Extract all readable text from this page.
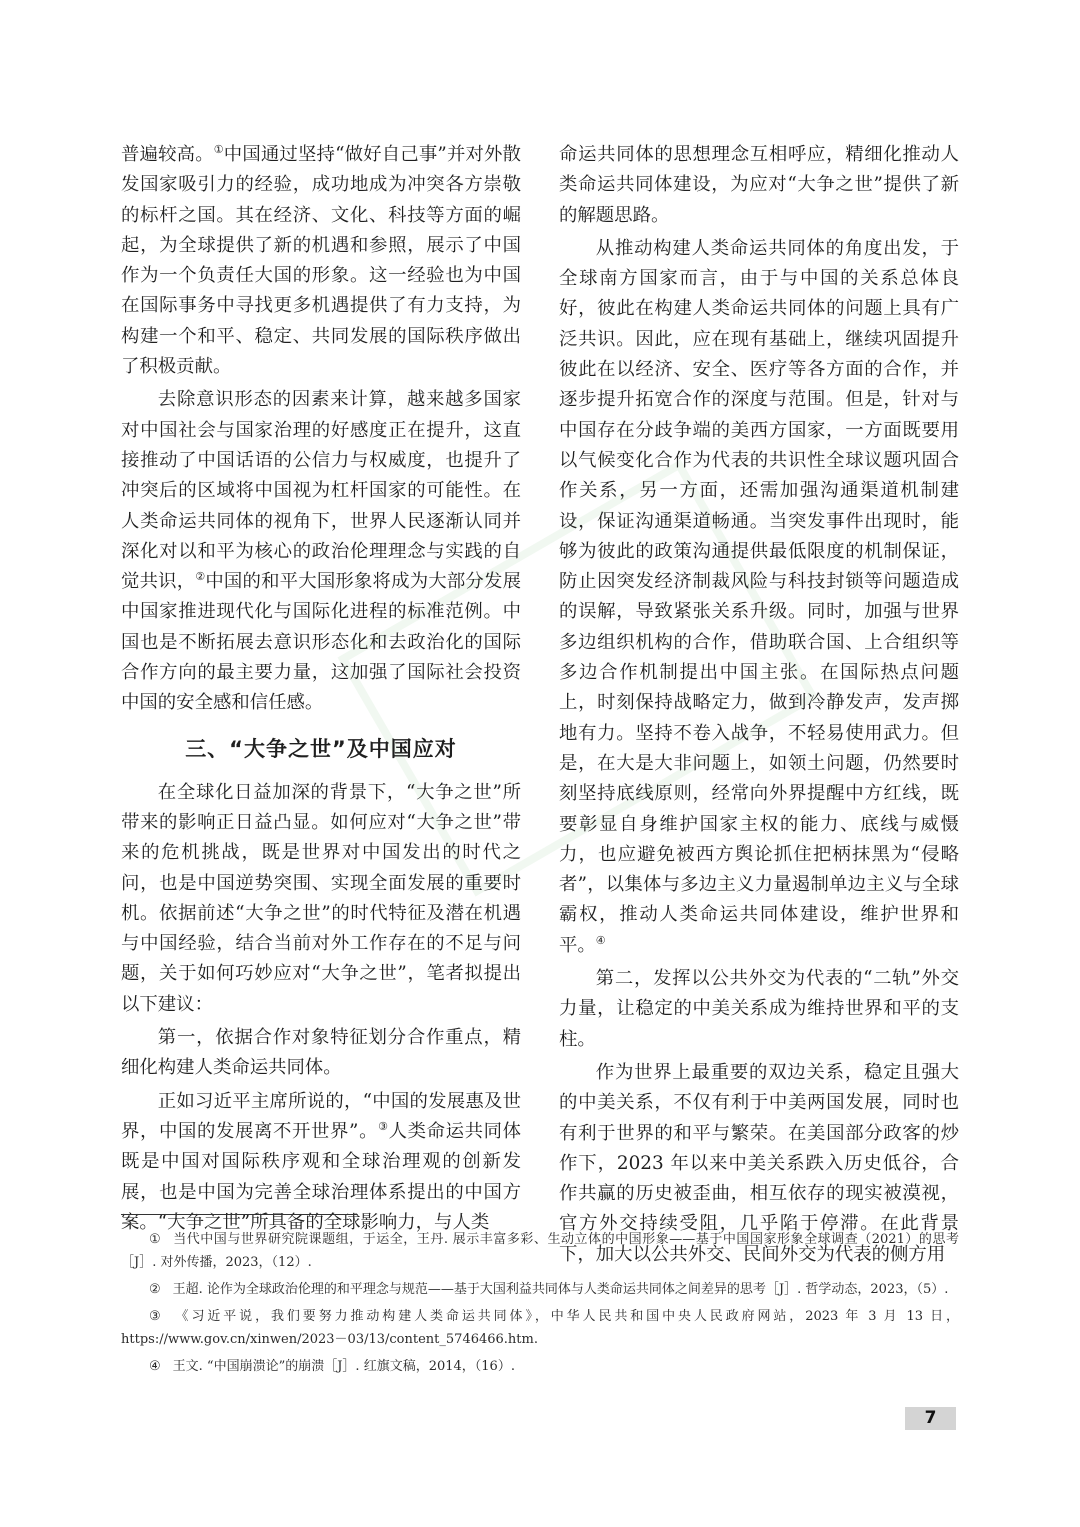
普遍较高。①中国通过坚持“做好自己事”并对外散发国家吸引力的经验，成功地成为冲突各方崇敬的标杆之国。其在经济、文化、科技等方面的崛起，为全球提供了新的机遇和参照，展示了中国作为一个负责任大国的形象。这一经验也为中国在国际事务中寻找更多机遇提供了有力支持，为构建一个和平、稳定、共同发展的国际秩序做出了积极贡献。

去除意识形态的因素来计算，越来越多国家对中国社会与国家治理的好感度正在提升，这直接推动了中国话语的公信力与权威度，也提升了冲突后的区域将中国视为杠杆国家的可能性。在人类命运共同体的视角下，世界人民逐渐认同并深化对以和平为核心的政治伦理理念与实践的自觉共识，②中国的和平大国形象将成为大部分发展中国家推进现代化与国际化进程的标准范例。中国也是不断拓展去意识形态化和去政治化的国际合作方向的最主要力量，这加强了国际社会投资中国的安全感和信任感。

三、“大争之世”及中国应对

在全球化日益加深的背景下，“大争之世”所带来的影响正日益凸显。如何应对“大争之世”带来的危机挑战，既是世界对中国发出的时代之问，也是中国逆势突围、实现全面发展的重要时机。依据前述“大争之世”的时代特征及潜在机遇与中国经验，结合当前对外工作存在的不足与问题，关于如何巧妙应对“大争之世”，笔者拟提出以下建议：

第一，依据合作对象特征划分合作重点，精细化构建人类命运共同体。

正如习近平主席所说的，“中国的发展惠及世界，中国的发展离不开世界”。③人类命运共同体既是中国对国际秩序观和全球治理观的创新发展，也是中国为完善全球治理体系提出的中国方案。“大争之世”所具备的全球影响力，与人类

命运共同体的思想理念互相呼应，精细化推动人类命运共同体建设，为应对“大争之世”提供了新的解题思路。

从推动构建人类命运共同体的角度出发，于全球南方国家而言，由于与中国的关系总体良好，彼此在构建人类命运共同体的问题上具有广泛共识。因此，应在现有基础上，继续巩固提升彼此在以经济、安全、医疗等各方面的合作，并逐步提升拓宽合作的深度与范围。但是，针对与中国存在分歧争端的美西方国家，一方面既要用以气候变化合作为代表的共识性全球议题巩固合作关系，另一方面，还需加强沟通渠道机制建设，保证沟通渠道畅通。当突发事件出现时，能够为彼此的政策沟通提供最低限度的机制保证，防止因突发经济制裁风险与科技封锁等问题造成的误解，导致紧张关系升级。同时，加强与世界多边组织机构的合作，借助联合国、上合组织等多边合作机制提出中国主张。在国际热点问题上，时刻保持战略定力，做到冷静发声，发声掷地有力。坚持不卷入战争，不轻易使用武力。但是，在大是大非问题上，如领土问题，仍然要时刻坚持底线原则，经常向外界提醒中方红线，既要彰显自身维护国家主权的能力、底线与威慑力，也应避免被西方舆论抓住把柄抹黑为“侵略者”，以集体与多边主义力量遏制单边主义与全球霸权，推动人类命运共同体建设，维护世界和平。④

第二，发挥以公共外交为代表的“二轨”外交力量，让稳定的中美关系成为维持世界和平的支柱。

作为世界上最重要的双边关系，稳定且强大的中美关系，不仅有利于中美两国发展，同时也有利于世界的和平与繁荣。在美国部分政客的炒作下，2023 年以来中美关系跌入历史低谷，合作共赢的历史被歪曲，相互依存的现实被漠视，官方外交持续受阻，几乎陷于停滞。在此背景下，加大以公共外交、民间外交为代表的侧方用

① 当代中国与世界研究院课题组，于运全，王丹. 展示丰富多彩、生动立体的中国形象——基于中国国家形象全球调查（2021）的思考［J］. 对外传播，2023，（12）.

② 王超. 论作为全球政治伦理的和平理念与规范——基于大国利益共同体与人类命运共同体之间差异的思考［J］. 哲学动态，2023，（5）.

③ 《习近平说，我们要努力推动构建人类命运共同体》，中华人民共和国中央人民政府网站，2023 年 3 月 13 日，https://www.gov.cn/xinwen/2023－03/13/content_5746466.htm.

④ 王文. “中国崩溃论”的崩溃［J］. 红旗文稿，2014，（16）.

7
